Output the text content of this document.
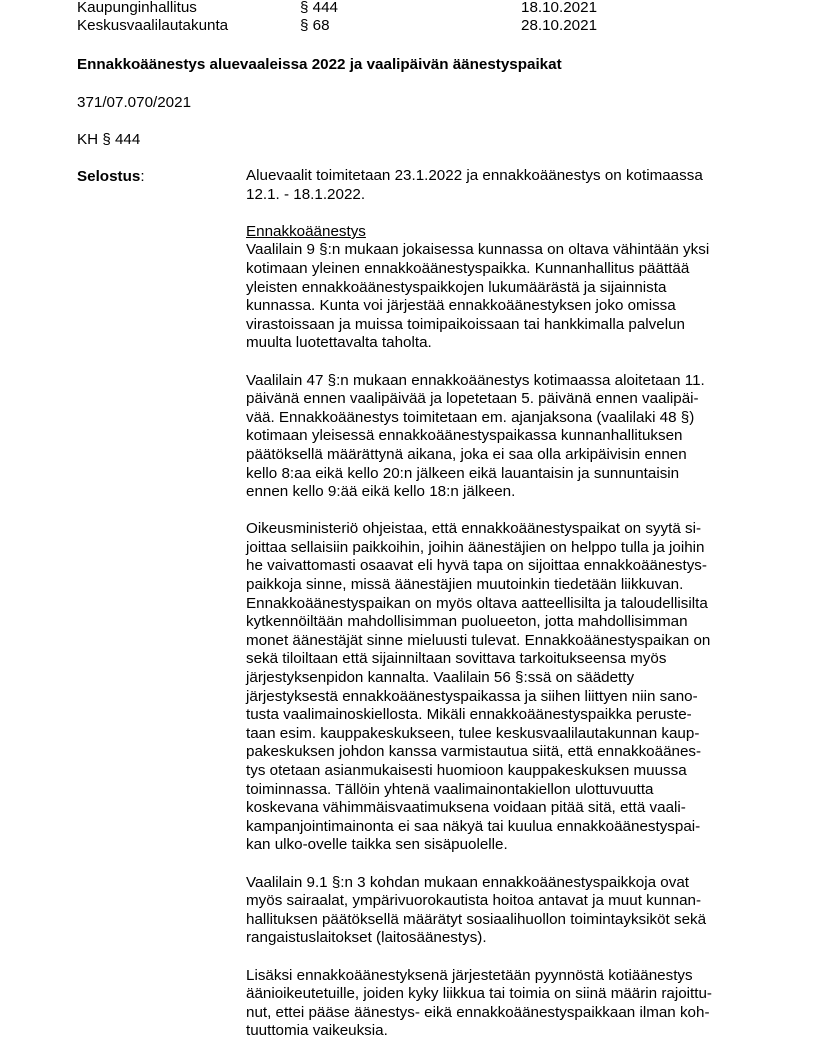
Kaupunginhallitus	§ 444	18.10.2021
Keskusvaalilautakunta	§ 68	28.10.2021
Ennakkoäänestys aluevaaleissa 2022 ja vaalipäivän äänestyspaikat
371/07.070/2021
KH § 444
Selostus:	Aluevaalit toimitetaan 23.1.2022 ja ennakkoäänestys on kotimaassa

12.1. - 18.1.2022.

Ennakkoäänestys

Vaalilain 9 §:n mukaan jokaisessa kunnassa on oltava vähintään yksi

kotimaan yleinen ennakkoäänestyspaikka. Kunnanhallitus päättää

yleisten ennakkoäänestyspaikkojen lukumäärästä ja sijainnista

kunnassa. Kunta voi järjestää ennakkoäänestyksen joko omissa

virastoissaan ja muissa toimipaikoissaan tai hankkimalla palvelun

muulta luotettavalta taholta.

Vaalilain 47 §:n mukaan ennakkoäänestys kotimaassa aloitetaan 11.

päivänä ennen vaalipäivää ja lopetetaan 5. päivänä ennen vaalipäi-

vää. Ennakkoäänestys toimitetaan em. ajanjaksona (vaalilaki 48 §)

kotimaan yleisessä ennakkoäänestyspaikassa kunnanhallituksen

päätöksellä määrättynä aikana, joka ei saa olla arkipäivisin ennen

kello 8:aa eikä kello 20:n jälkeen eikä lauantaisin ja sunnuntaisin

ennen kello 9:ää eikä kello 18:n jälkeen.

Oikeusministeriö ohjeistaa, että ennakkoäänestyspaikat on syytä si-

joittaa sellaisiin paikkoihin, joihin äänestäjien on helppo tulla ja joihin

he vaivattomasti osaavat eli hyvä tapa on sijoittaa ennakkoäänestys-

paikkoja sinne, missä äänestäjien muutoinkin tiedetään liikkuvan.

Ennakkoäänestyspaikan on myös oltava aatteellisilta ja taloudellisilta

kytkennöiltään mahdollisimman puolueeton, jotta mahdollisimman

monet äänestäjät sinne mieluusti tulevat. Ennakkoäänestyspaikan on

sekä tiloiltaan että sijainniltaan sovittava tarkoitukseensa myös

järjestyksenpidon kannalta. Vaalilain 56 §:ssä on säädetty

järjestyksestä ennakkoäänestyspaikassa ja siihen liittyen niin sano-

tusta vaalimainoskiellosta. Mikäli ennakkoäänestyspaikka peruste-

taan esim. kauppakeskukseen, tulee keskusvaalilautakunnan kaup-

pakeskuksen johdon kanssa varmistautua siitä, että ennakkoäänes-

tys otetaan asianmukaisesti huomioon kauppakeskuksen muussa

toiminnassa. Tällöin yhtenä vaalimainontakiellon ulottuvuutta

koskevana vähimmäisvaatimuksena voidaan pitää sitä, että vaali-

kampanjointimainonta ei saa näkyä tai kuulua ennakkoäänestyspai-

kan ulko-ovelle taikka sen sisäpuolelle.

Vaalilain 9.1 §:n 3 kohdan mukaan ennakkoäänestyspaikkoja ovat

myös sairaalat, ympärivuorokautista hoitoa antavat ja muut kunnan-

hallituksen päätöksellä määrätyt sosiaalihuollon toimintayksiköt sekä

rangaistuslaitokset (laitosäänestys).

Lisäksi ennakkoäänestyksenä järjestetään pyynnöstä kotiäänestys

äänioikeutetuille, joiden kyky liikkua tai toimia on siinä määrin rajoittu-

nut, ettei pääse äänestys- eikä ennakkoäänestyspaikkaan ilman koh-

tuuttomia vaikeuksia.
